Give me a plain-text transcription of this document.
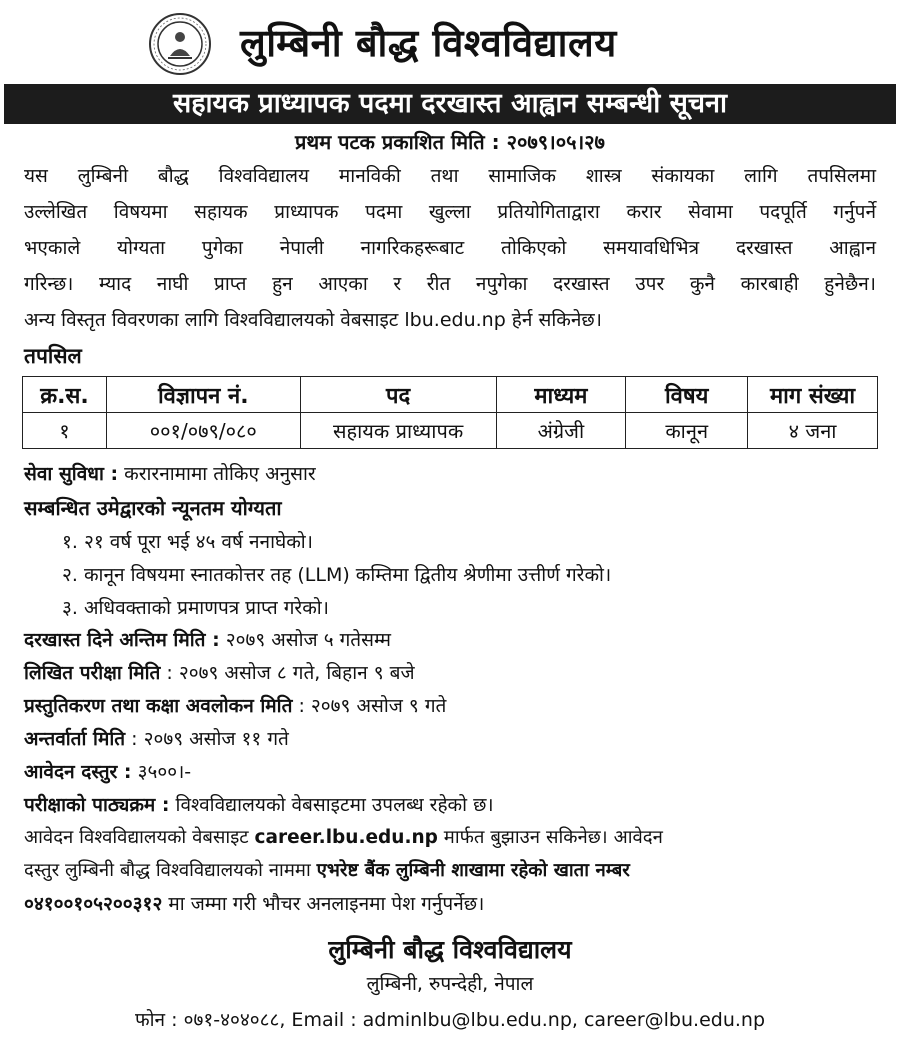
लुम्बिनी बौद्ध विश्वविद्यालय
सहायक प्राध्यापक पदमा दरखास्त आह्वान सम्बन्धी सूचना
प्रथम पटक प्रकाशित मिति : २०७९।०५।२७
यस लुम्बिनी बौद्ध विश्वविद्यालय मानविकी तथा सामाजिक शास्त्र संकायका लागि तपसिलमा
उल्लेखित विषयमा सहायक प्राध्यापक पदमा खुल्ला प्रतियोगिताद्वारा करार सेवामा पदपूर्ति गर्नुपर्ने
भएकाले योग्यता पुगेका नेपाली नागरिकहरूबाट तोकिएको समयावधिभित्र दरखास्त आह्वान
गरिन्छ। म्याद नाघी प्राप्त हुन आएका र रीत नपुगेका दरखास्त उपर कुनै कारबाही हुनेछैन।
अन्य विस्तृत विवरणका लागि विश्वविद्यालयको वेबसाइट lbu.edu.np हेर्न सकिनेछ।
तपसिल
क्र.स.	विज्ञापन नं.	पद	माध्यम	विषय	माग संख्या
१	००१/०७९/०८०	सहायक प्राध्यापक	अंग्रेजी	कानून	४ जना
सेवा सुविधा : करारनामामा तोकिए अनुसार
सम्बन्धित उमेद्वारको न्यूनतम योग्यता
१. २१ वर्ष पूरा भई ४५ वर्ष ननाघेको।
२. कानून विषयमा स्नातकोत्तर तह (LLM) कम्तिमा द्वितीय श्रेणीमा उत्तीर्ण गरेको।
३. अधिवक्ताको प्रमाणपत्र प्राप्त गरेको।
दरखास्त दिने अन्तिम मिति : २०७९ असोज ५ गतेसम्म
लिखित परीक्षा मिति : २०७९ असोज ८ गते, बिहान ९ बजे
प्रस्तुतिकरण तथा कक्षा अवलोकन मिति : २०७९ असोज ९ गते
अन्तर्वार्ता मिति : २०७९ असोज ११ गते
आवेदन दस्तुर : ३५००।-
परीक्षाको पाठ्यक्रम : विश्वविद्यालयको वेबसाइटमा उपलब्ध रहेको छ।
आवेदन विश्वविद्यालयको वेबसाइट career.lbu.edu.np मार्फत बुझाउन सकिनेछ। आवेदन
दस्तुर लुम्बिनी बौद्ध विश्वविद्यालयको नाममा एभरेष्ट बैंक लुम्बिनी शाखामा रहेको खाता नम्बर
०४१००१०५२००३१२ मा जम्मा गरी भौचर अनलाइनमा पेश गर्नुपर्नेछ।
लुम्बिनी बौद्ध विश्वविद्यालय
लुम्बिनी, रुपन्देही, नेपाल
फोन : ०७१-४०४०८८, Email : adminlbu@lbu.edu.np, career@lbu.edu.np
